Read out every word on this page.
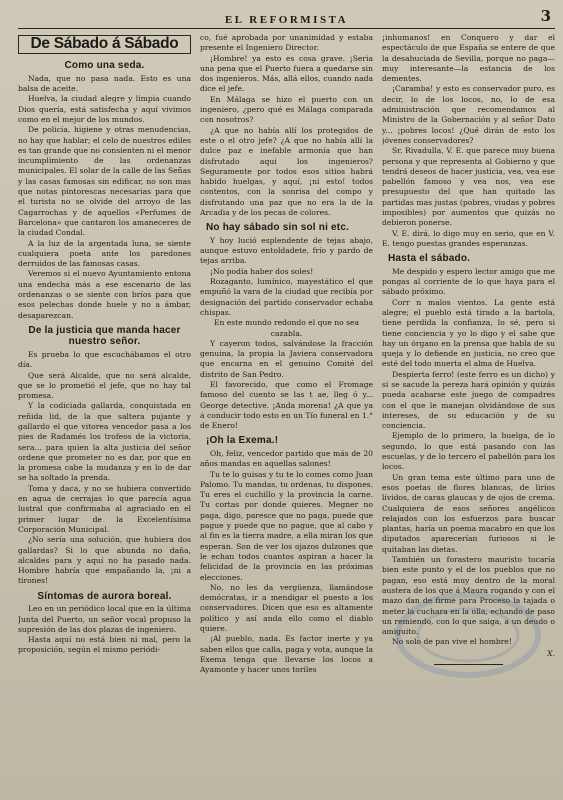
EL REFORMISTA	3
De Sábado á Sábado
Como una seda.

Nada, que no pasa nada. Esto es una balsa de aceite.

Huelva, la ciudad alegre y limpia cuando Dios quería, está satisfecha y aquí vivimos como en el mejor de los mundos.

De policía, higiene y otras menudencias, no hay que hablar; el celo de nuestros ediles es tan grande que no consienten ni el menor incumplimiento de las ordenanzas municipales. El solar de la calle de las Señas y las casas famosas sin edificar, no son mas que notas pintorescas necesarias para que el turista no se olvide del arroyo de las Cagarrochas y de aquellos «Perfumes de Barcelona» que cantaron los amaneceres de la ciudad Condal.

A la luz de la argentada luna, se siente cualquiera poeta ante los paredones derruidos de las famosas casas.

Veremos si el nuevo Ayuntamiento entona una endecha más a ese escenario de las ordenanzas o se siente con bríos para que esos pelechas donde huele y no a ámbar, desaparezcan.

De la justicia que manda hacer nuestro señor.

Es prueba lo que escuchábamos el otro día.

Que será Alcalde, que no será alcalde, que se lo prometió el jefe, que no hay tal promesa.

Y la codiciada gallarda, conquistada en reñida lid, de la que saltera pujante y gallardo el que vitorea vencedor pasa a los pies de Radamés los trofeos de la victoria, sera... para quien la alta justicia del señor ordene que prometer no es dar, por que en la promesa cabe la mudanza y en lo de dar se ha soltado la prenda.

Toma y daca, y no se hubiera convertido en agua de cerrajas lo que parecía agua lustral que confirmaba al agraciado en el primer lugar de la Excelentísima Corporación Municipal.

¿No sería una solución, que hubiera dos gallardas? Si lo que abunda no daña, alcaldes para y aquí no ha pasado nada. Hombre habría que empañando la, ¡ni a tirones!

Síntomas de aurora boreal.

Leo en un periódico local que en la última Junta del Puerto, un señor vocal propuso la supresión de las dos plazas de ingeniero.

Hasta aquí no está bien ni mal, pero la proposición, según el mismo periódi-

co, fué aprobada por unanimidad y estaba presente el Ingeniero Director.

¡Hombre! ya esto es cosa grave. ¡Seria una pena que el Puerto fuera a quedarse sin dos ingenieros. Más, allá ellos, cuando nada dice el jefe.

En Málaga se hizo el puerto con un ingeniero, ¿pero qué es Málaga comparada con nosotros?

¿A que no había allí los protegidos de este o el otro jefe? ¿A que no había allí la dulce paz e inefable armonía que han disfrutado aquí los ingenieros? Seguramente por todos esos sitios habrá habido huelgas, y aquí, ¡ni esto! todos contentos, con la sonrisa del compo y disfrutando una paz que no era la de la Arcadia y de los pecas de colores.

No hay sábado sin sol ni etc.

Y hoy lució esplendente de tejas abajo, aunque estuvo entoldadete, frío y pardo de tejas arriba.

¡No podía haber dos soles!

Rozaganto, lumínico, mayestático el que empuñó la vara de la ciudad que recibía por designación del partido conservador echaba chispas.

En este mundo redondo el que no sea cazabla.

Y cayeron todos, salvándose la fracción genuina, la propia la Javiera conservadora que encarna en el genuino Comité del distrito de San Pedro.

El favorecido, que como el Fromage famoso del cuento se las t ae, lleg ó y... George detective. ¡Anda morena! ¿A que ya á conducir todo esto en un Tío funeral en 1.° de Enero!

¡Oh la Exema.!

Oh, feliz, vencedor partido que más de 20 años mandas en aquellas salones!

Tu te lo guisas y tu te lo comes como Juan Palomo. Tu mandas, tu ordenas, tu dispones. Tu eres el cuchillo y la provincia la carne. Tu cortas por donde quieres. Megner no paga, digo, paresce que no paga, puede que pague y puede que no pague, que al cabo y al fin es la tierra madre, a ella miran los que esperan. Son de ver los ojazos dulzones que le echan todos cuantos aspiran a hacer la felicidad de la provincia en las próximas elecciones.

No, no les da vergüenza, llamándose demócratas, ir a mendigar el puesto a los conservadores. Dicen que eso es altamente político y así anda ello como el diablo quiere.

¡Al pueblo, nada. Es factor inerte y ya saben ellos que calla, paga y vota, aunque la Exema tenga que llevarse los locos a Ayamonte y hacer unos toriles

¡inhumanos! en Conquero y dar el espectáculo de que España se entere de que la desahuciada de Sevilla, porque no paga—muy interesante—la estancia de los dementes.

¡Caramba! y esto es conservador puro, es decir, lo de los locos, no, lo de esa administración que recomendamos al Ministro de la Gobernación y al señor Dato y... ¡pobres locos! ¿Qué dirán de esto los jóvenes conservadores?

Sr. Rivadulla, V. E. que parece muy buena persona y que representa al Gobierno y que tendrá deseos de hacer justicia, vea, vea ese pabellón famoso y vea nos, vea ese presupuesto del que han quitado las partidas mas justas (pobres, viudas y pobres imposibles) por aumentos que quizás no debieron ponerse.

V. E. dirá, lo digo muy en serio, que en V. E. tengo puestas grandes esperanzas.

Hasta el sábado.

Me despido y espero lector amigo que me pongas al corriente de lo que haya para el sábado próximo.

Corr n malos vientos. La gente está alegre; el pueblo está tirado a la bartola, tiene perdida la confianza, lo sé, pero si tiene conciencia y yo lo digo y el sabe que hay un órgano en la prensa que habla de su queja y lo defiende en justicia, no creo que esté del todo muerta el alma de Huelva.

Despierta ferro! (este ferro es un dicho) y si se sacude la pereza hará opinión y quizás pueda acabarse este juego de compadres con el que le manejan olvidándose de sus intereses, de su educación y de su conciencia.

Ejemplo de lo primero, la huelga, de lo segundo, lo que está pasando con las escuelas, y de lo tercero el pabellón para los locos.

Un gran tema este último para uno de esos poetas de flores blancas, de lirios lívidos, de caras glaucas y de ojos de crema. Cualquiera de esos señores angélicos relajados con los esfuerzos para buscar plantas, haría un poema macabro en que los diputados aparecerían furiosos si le quitaban las dietas.

También un forastero mauristo tocaría bien este punto y el de los pueblos que no pagan, eso está muy dentro de la moral austera de los que á Maura rogando y con el mazo dan de firme para Proceso la tajada o meter la cuchara en la olla, echando de paso un remiendo, con lo que saiga, a un deudo o amiguito.

No solo de pan vive el hombre!

X.
